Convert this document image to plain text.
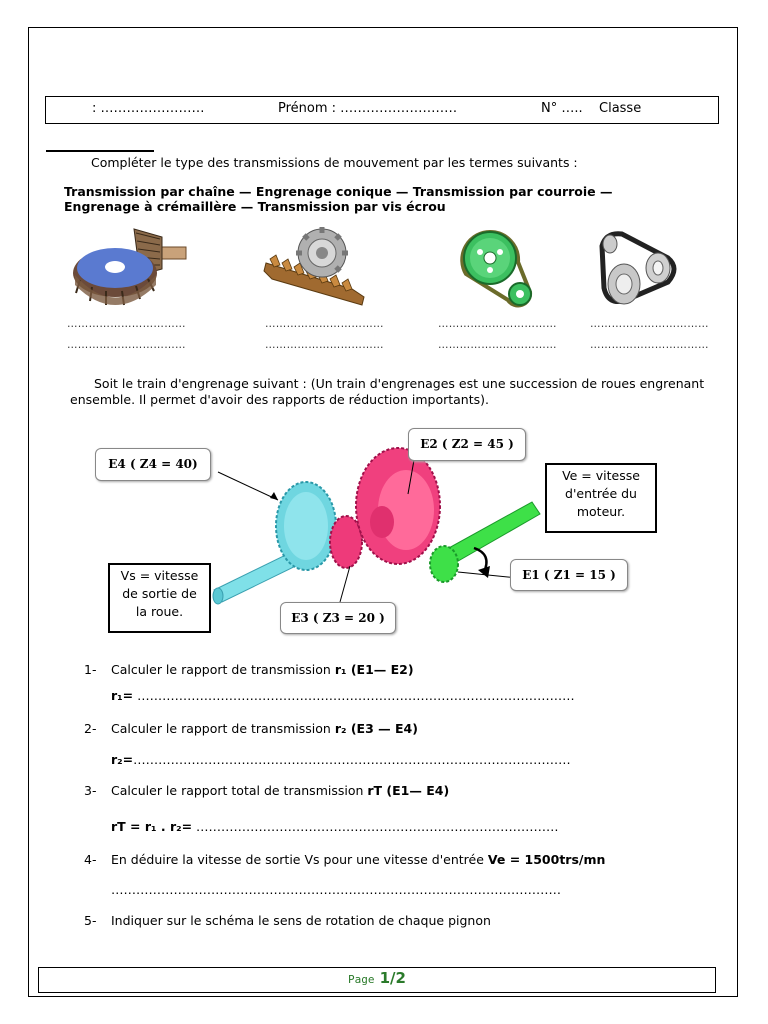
: ……………………	Prénom : ………………………	N° ….. Classe
Compléter le type des transmissions de mouvement par les termes suivants :
Transmission par chaîne — Engrenage conique — Transmission par courroie —
Engrenage à crémaillère — Transmission par vis écrou
……………………………	……………………………	……………………………	……………………………
……………………………	……………………………	……………………………	……………………………
Soit le train d'engrenage suivant : (Un train d'engrenages est une succession de roues engrenant
ensemble. Il permet d'avoir des rapports de réduction importants).
E4 ( Z4 = 40)
E2 ( Z2 = 45 )
E1 ( Z1 = 15 )
E3 ( Z3 = 20 )
Ve = vitesse
d'entrée du
moteur.
Vs = vitesse
de sortie de
la roue.
1- Calculer le rapport de transmission r₁ (E1— E2)
r₁= ……………………………………………………………………………………………
2- Calculer le rapport de transmission r₂ (E3 — E4)
r₂=……………………………………………………………………………………………
3- Calculer le rapport total de transmission rT (E1— E4)
rT = r₁ . r₂= ……………………………………………………………………………
4- En déduire la vitesse de sortie Vs pour une vitesse d'entrée Ve = 1500trs/mn
………………………………………………………………………………………………
5- Indiquer sur le schéma le sens de rotation de chaque pignon
Page 1/2
